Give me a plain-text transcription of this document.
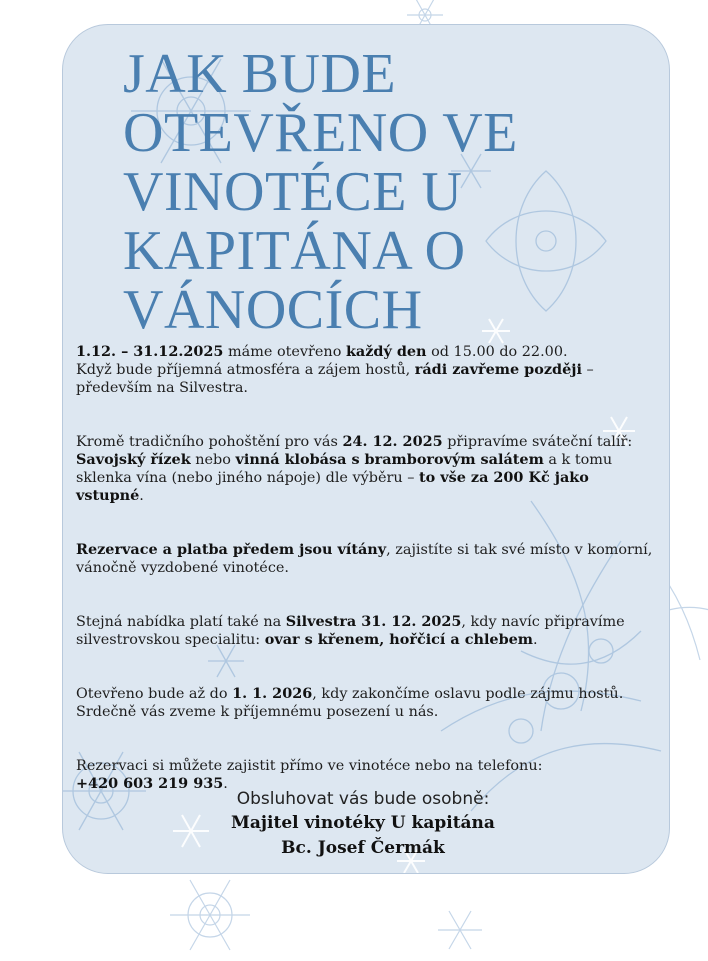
JAK BUDE
OTEVŘENO VE
VINOTÉCE U
KAPITÁNA O
VÁNOCÍCH

1.12. – 31.12.2025 máme otevřeno každý den od 15.00 do 22.00.
Když bude příjemná atmosféra a zájem hostů, rádi zavřeme později – především na Silvestra.

Kromě tradičního pohoštění pro vás 24. 12. 2025 připravíme sváteční talíř:
Savojský řízek nebo vinná klobása s bramborovým salátem a k tomu sklenka vína (nebo jiného nápoje) dle výběru – to vše za 200 Kč jako vstupné.

Rezervace a platba předem jsou vítány, zajistíte si tak své místo v komorní, vánočně vyzdobené vinotéce.

Stejná nabídka platí také na Silvestra 31. 12. 2025, kdy navíc připravíme silvestrovskou specialitu: ovar s křenem, hořčicí a chlebem.

Otevřeno bude až do 1. 1. 2026, kdy zakončíme oslavu podle zájmu hostů. Srdečně vás zveme k příjemnému posezení u nás.

Rezervaci si můžete zajistit přímo ve vinotéce nebo na telefonu:
+420 603 219 935.

Obsluhovat vás bude osobně:
Majitel vinotéky U kapitána
Bc. Josef Čermák
